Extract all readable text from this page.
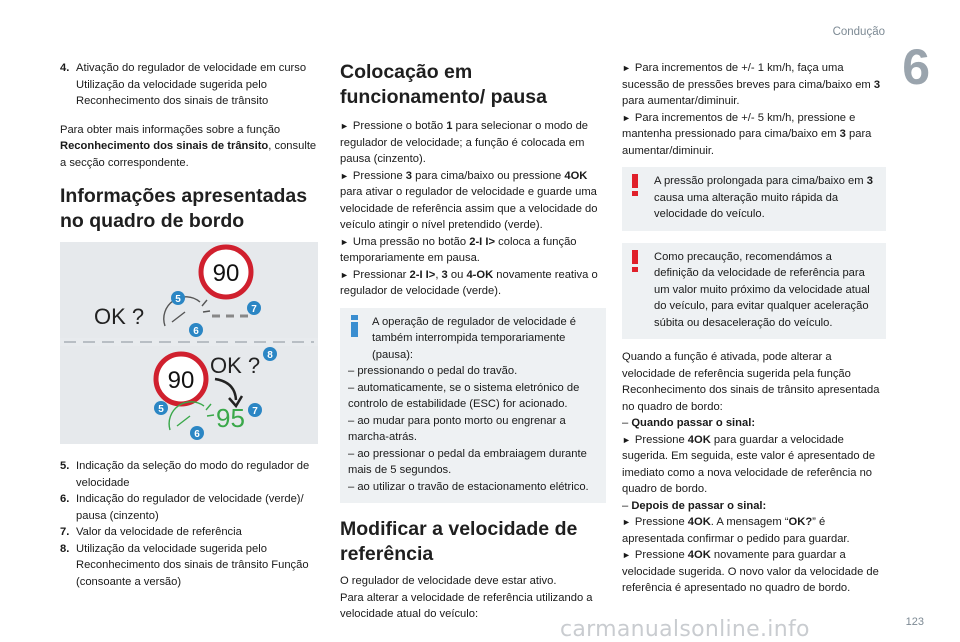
Condução
6
4. Ativação do regulador de velocidade em curso Utilização da velocidade sugerida pelo Reconhecimento dos sinais de trânsito

Para obter mais informações sobre a função Reconhecimento dos sinais de trânsito, consulte a secção correspondente.

Informações apresentadas no quadro de bordo
90
OK ?
5
6
7
90
OK ?
95
5
6
7
8
5. Indicação da seleção do modo do regulador de velocidade
6. Indicação do regulador de velocidade (verde)/ pausa (cinzento)
7. Valor da velocidade de referência
8. Utilização da velocidade sugerida pelo Reconhecimento dos sinais de trânsito Função (consoante a versão)
Colocação em funcionamento/ pausa

► Pressione o botão 1 para selecionar o modo de regulador de velocidade; a função é colocada em pausa (cinzento).

► Pressione 3 para cima/baixo ou pressione 4OK para ativar o regulador de velocidade e guarde uma velocidade de referência assim que a velocidade do veículo atingir o nível pretendido (verde).

► Uma pressão no botão 2-I I> coloca a função temporariamente em pausa.

► Pressionar 2-I I>, 3 ou 4-OK novamente reativa o regulador de velocidade (verde).

A operação de regulador de velocidade é também interrompida temporariamente (pausa):

– pressionando o pedal do travão.

– automaticamente, se o sistema eletrónico de controlo de estabilidade (ESC) for acionado.

– ao mudar para ponto morto ou engrenar a marcha-atrás.

– ao pressionar o pedal da embraiagem durante mais de 5 segundos.

– ao utilizar o travão de estacionamento elétrico.

Modificar a velocidade de referência

O regulador de velocidade deve estar ativo.

Para alterar a velocidade de referência utilizando a velocidade atual do veículo:

► Para incrementos de +/- 1 km/h, faça uma sucessão de pressões breves para cima/baixo em 3 para aumentar/diminuir.

► Para incrementos de +/- 5 km/h, pressione e mantenha pressionado para cima/baixo em 3 para aumentar/diminuir.

A pressão prolongada para cima/baixo em 3 causa uma alteração muito rápida da velocidade do veículo.

Como precaução, recomendámos a definição da velocidade de referência para um valor muito próximo da velocidade atual do veículo, para evitar qualquer aceleração súbita ou desaceleração do veículo.

Quando a função é ativada, pode alterar a velocidade de referência sugerida pela função Reconhecimento dos sinais de trânsito apresentada no quadro de bordo:

– Quando passar o sinal:

► Pressione 4OK para guardar a velocidade sugerida. Em seguida, este valor é apresentado de imediato como a nova velocidade de referência no quadro de bordo.

– Depois de passar o sinal:

► Pressione 4OK. A mensagem “OK?” é apresentada confirmar o pedido para guardar.

► Pressione 4OK novamente para guardar a velocidade sugerida. O novo valor da velocidade de referência é apresentado no quadro de bordo.

carmanualsonline.info	123
